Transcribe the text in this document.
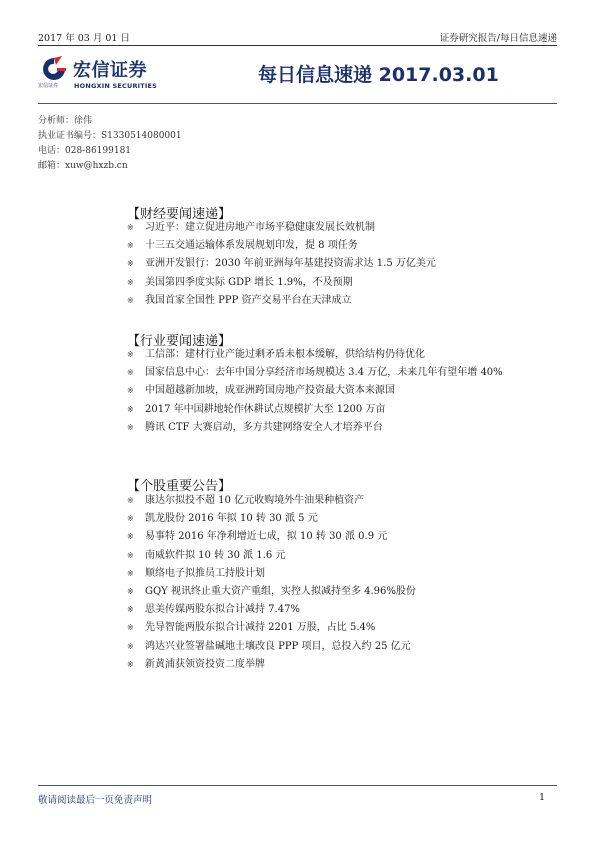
2017 年 03 月 01 日	证券研究报告/每日信息速递
宏信证券
宏信证券 HONGXIN SECURITIES	每日信息速递 2017.03.01
分析师：徐伟
执业证书编号：S1330514080001
电话：028-86199181
邮箱：xuw@hxzb.cn
【财经要闻速递】
※ 习近平：建立促进房地产市场平稳健康发展长效机制
※ 十三五交通运输体系发展规划印发，提 8 项任务
※ 亚洲开发银行：2030 年前亚洲每年基建投资需求达 1.5 万亿美元
※ 美国第四季度实际 GDP 增长 1.9%，不及预期
※ 我国首家全国性 PPP 资产交易平台在天津成立
【行业要闻速递】
※ 工信部：建材行业产能过剩矛盾未根本缓解，供给结构仍待优化
※ 国家信息中心：去年中国分享经济市场规模达 3.4 万亿，未来几年有望年增 40%
※ 中国超越新加坡，成亚洲跨国房地产投资最大资本来源国
※ 2017 年中国耕地轮作休耕试点规模扩大至 1200 万亩
※ 腾讯 CTF 大赛启动，多方共建网络安全人才培养平台
【个股重要公告】
※ 康达尔拟投不超 10 亿元收购境外牛油果种植资产
※ 凯龙股份 2016 年拟 10 转 30 派 5 元
※ 易事特 2016 年净利增近七成，拟 10 转 30 派 0.9 元
※ 南威软件拟 10 转 30 派 1.6 元
※ 顺络电子拟推员工持股计划
※ GQY 视讯终止重大资产重组，实控人拟减持至多 4.96%股份
※ 思美传媒两股东拟合计减持 7.47%
※ 先导智能两股东拟合计减持 2201 万股，占比 5.4%
※ 鸿达兴业签署盐碱地土壤改良 PPP 项目，总投入约 25 亿元
※ 新黄浦获领资投资二度举牌
敬请阅读最后一页免责声明	1
